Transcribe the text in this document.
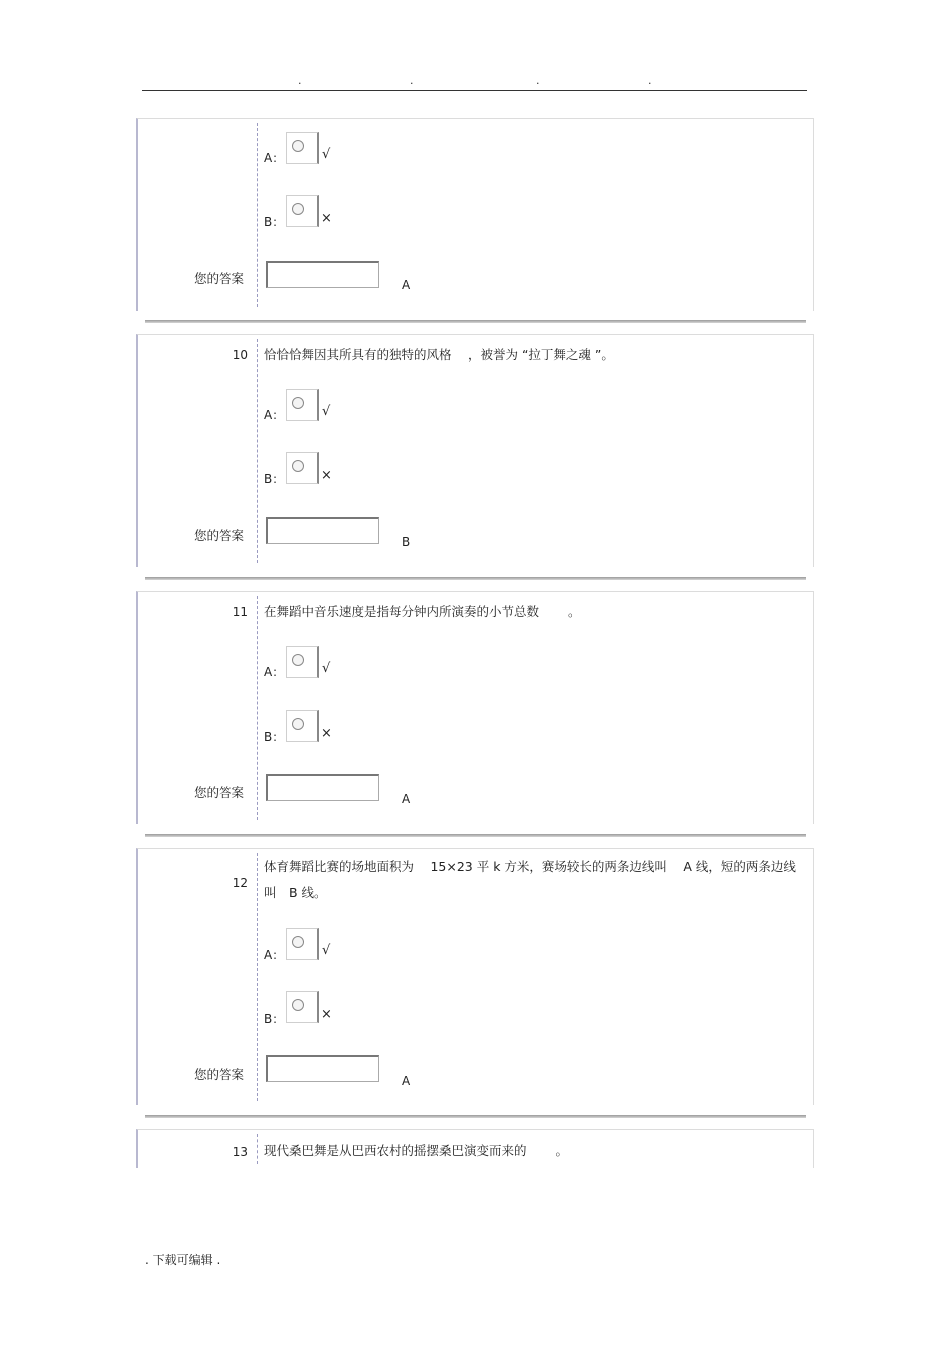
.	.	.	.
A：	√
B：	×
您的答案	A
10 恰恰恰舞因其所具有的独特的风格　 ，被誉为 “拉丁舞之魂 ”。
A：	√
B：	×
您的答案	B
11 在舞蹈中音乐速度是指每分钟内所演奏的小节总数　　 。
A：	√
B：	×
您的答案	A
12
体育舞蹈比赛的场地面积为　 15×23 平 k 方米，赛场较长的两条边线叫　 A 线，短的两条边线叫　B 线。
A：	√
B：	×
您的答案	A
13 现代桑巴舞是从巴西农村的摇摆桑巴演变而来的　　 。
. 下载可编辑 .
